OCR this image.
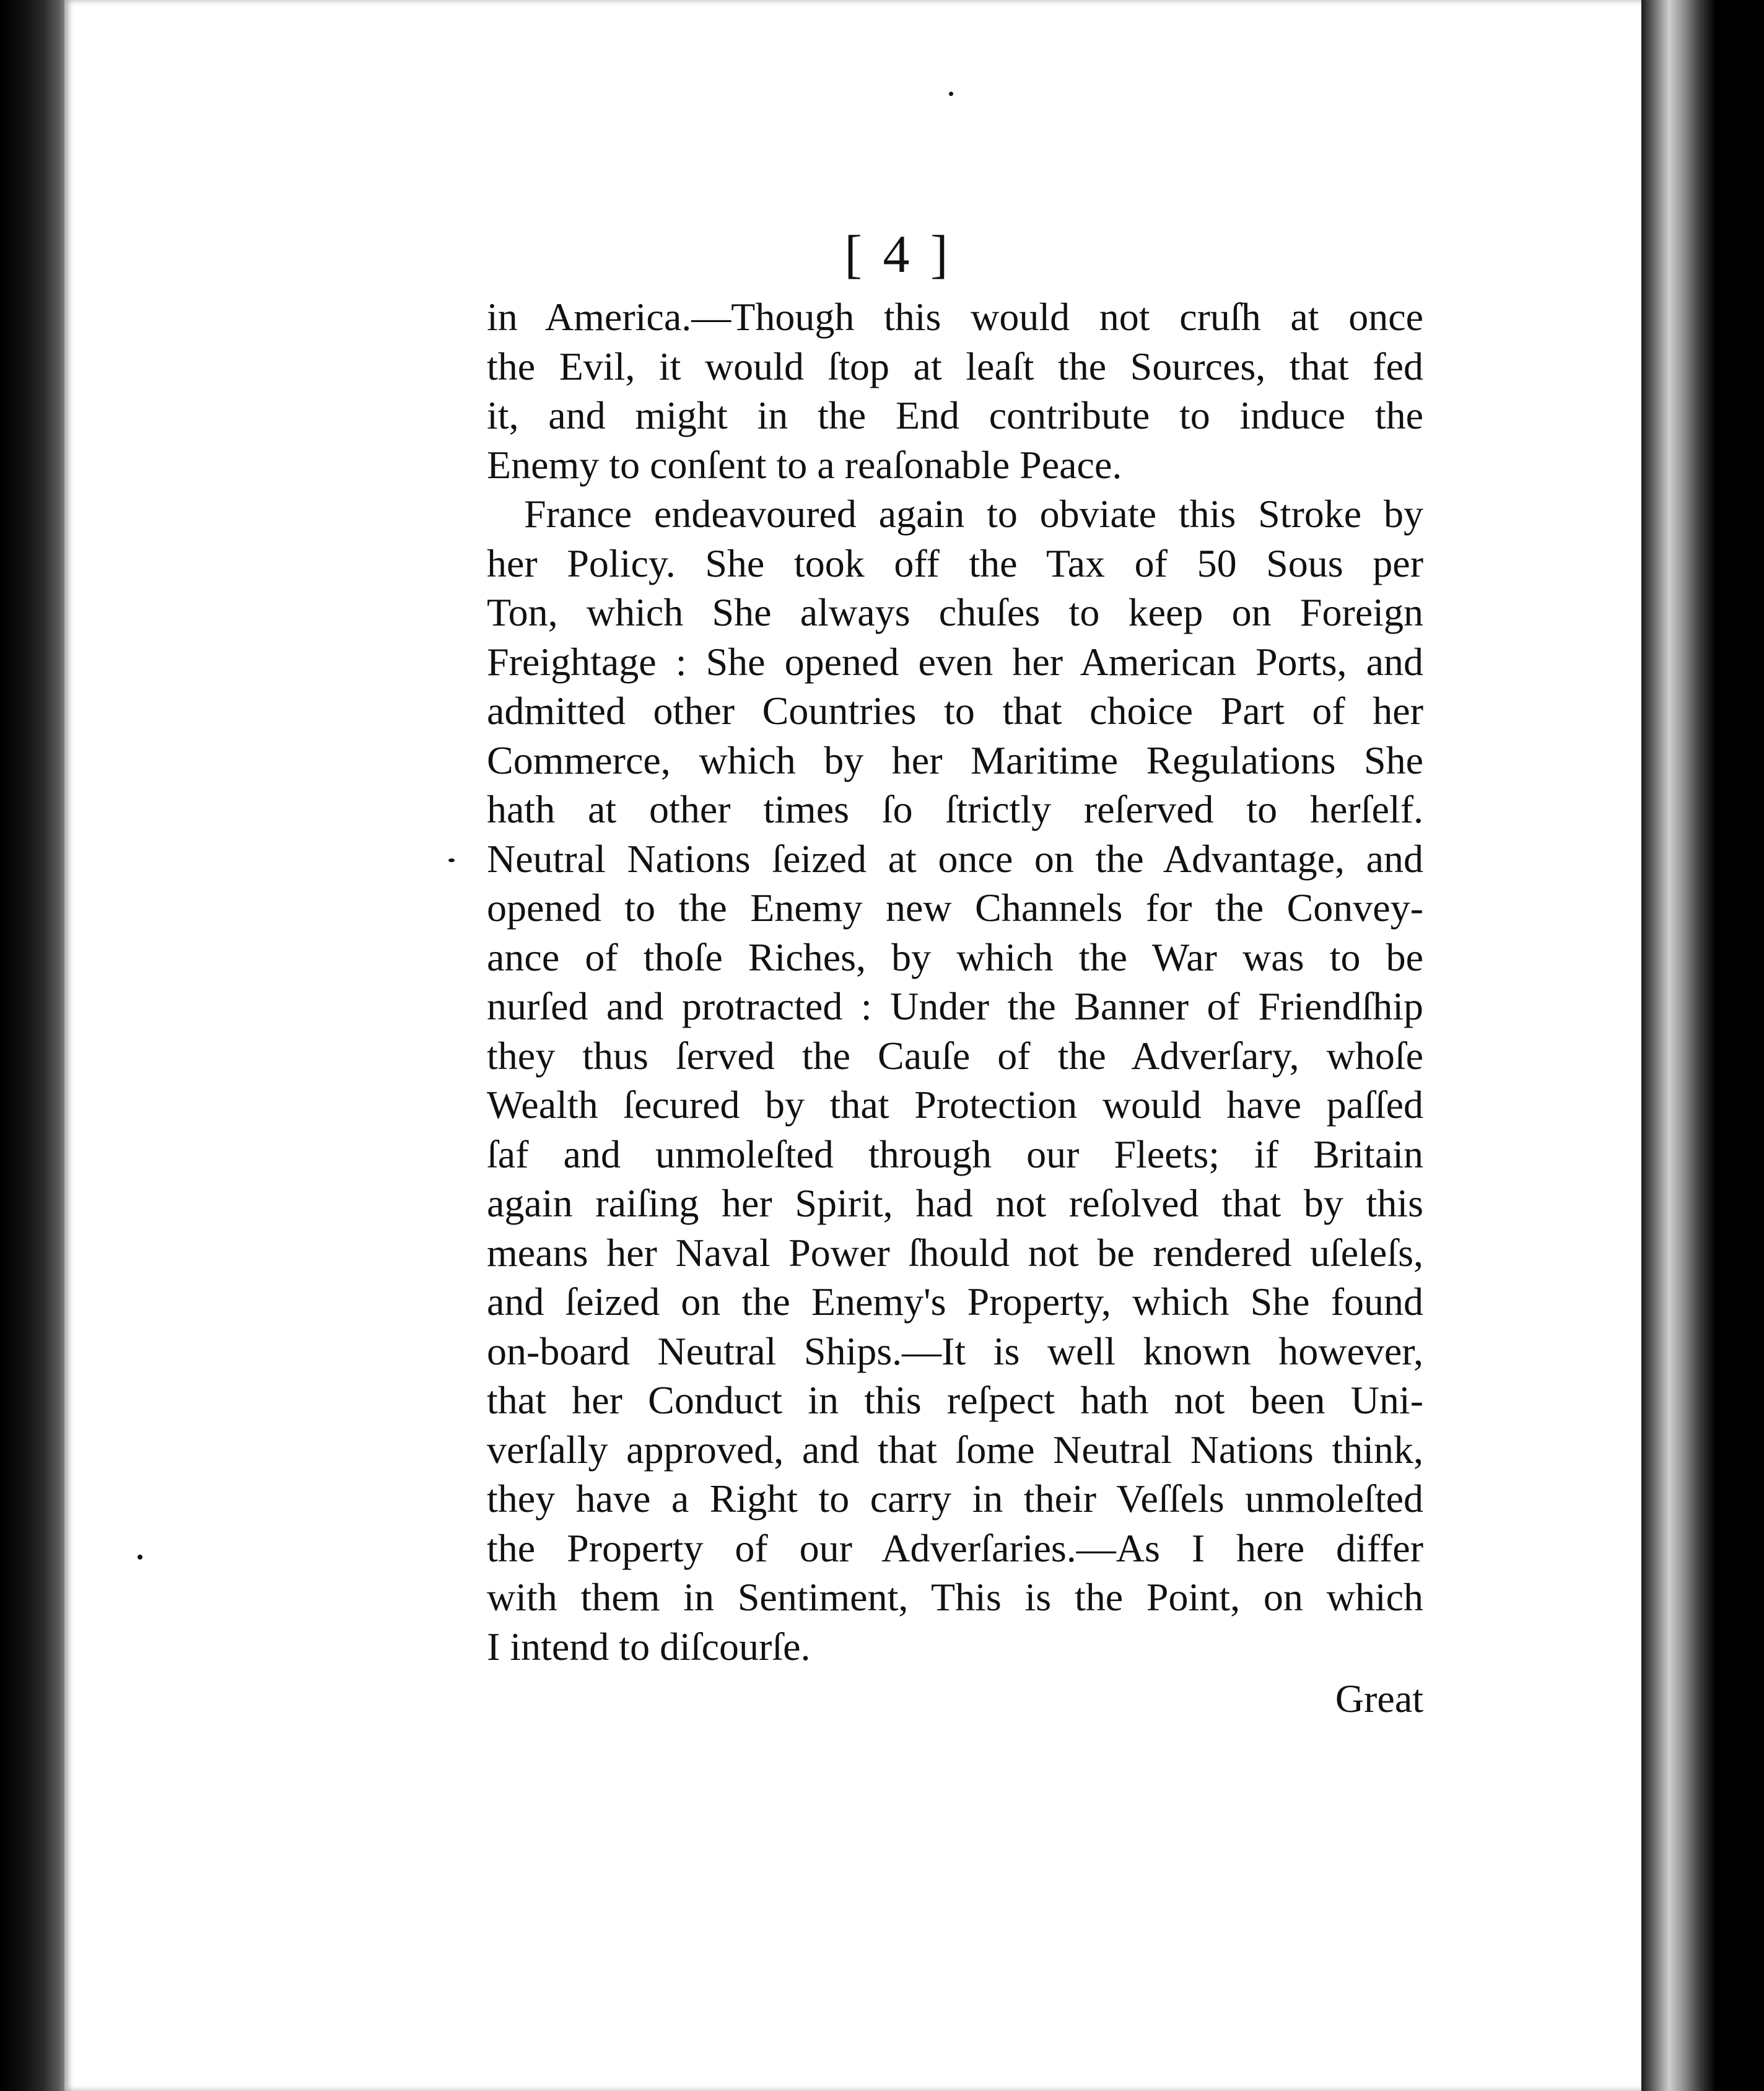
[ 4 ]
in America.—Though this would not cruſh at once
the Evil, it would ſtop at leaſt the Sources, that fed
it, and might in the End contribute to induce the
Enemy to conſent to a reaſonable Peace.
France endeavoured again to obviate this Stroke by
her Policy. She took off the Tax of 50 Sous per
Ton, which She always chuſes to keep on Foreign
Freightage : She opened even her American Ports, and
admitted other Countries to that choice Part of her
Commerce, which by her Maritime Regulations She
hath at other times ſo ſtrictly reſerved to herſelf.
Neutral Nations ſeized at once on the Advantage, and
opened to the Enemy new Channels for the Convey-
ance of thoſe Riches, by which the War was to be
nurſed and protracted : Under the Banner of Friendſhip
they thus ſerved the Cauſe of the Adverſary, whoſe
Wealth ſecured by that Protection would have paſſed
ſaf and unmoleſted through our Fleets; if Britain
again raiſing her Spirit, had not reſolved that by this
means her Naval Power ſhould not be rendered uſeleſs,
and ſeized on the Enemy's Property, which She found
on-board Neutral Ships.—It is well known however,
that her Conduct in this reſpect hath not been Uni-
verſally approved, and that ſome Neutral Nations think,
they have a Right to carry in their Veſſels unmoleſted
the Property of our Adverſaries.—As I here differ
with them in Sentiment, This is the Point, on which
I intend to diſcourſe.
Great
